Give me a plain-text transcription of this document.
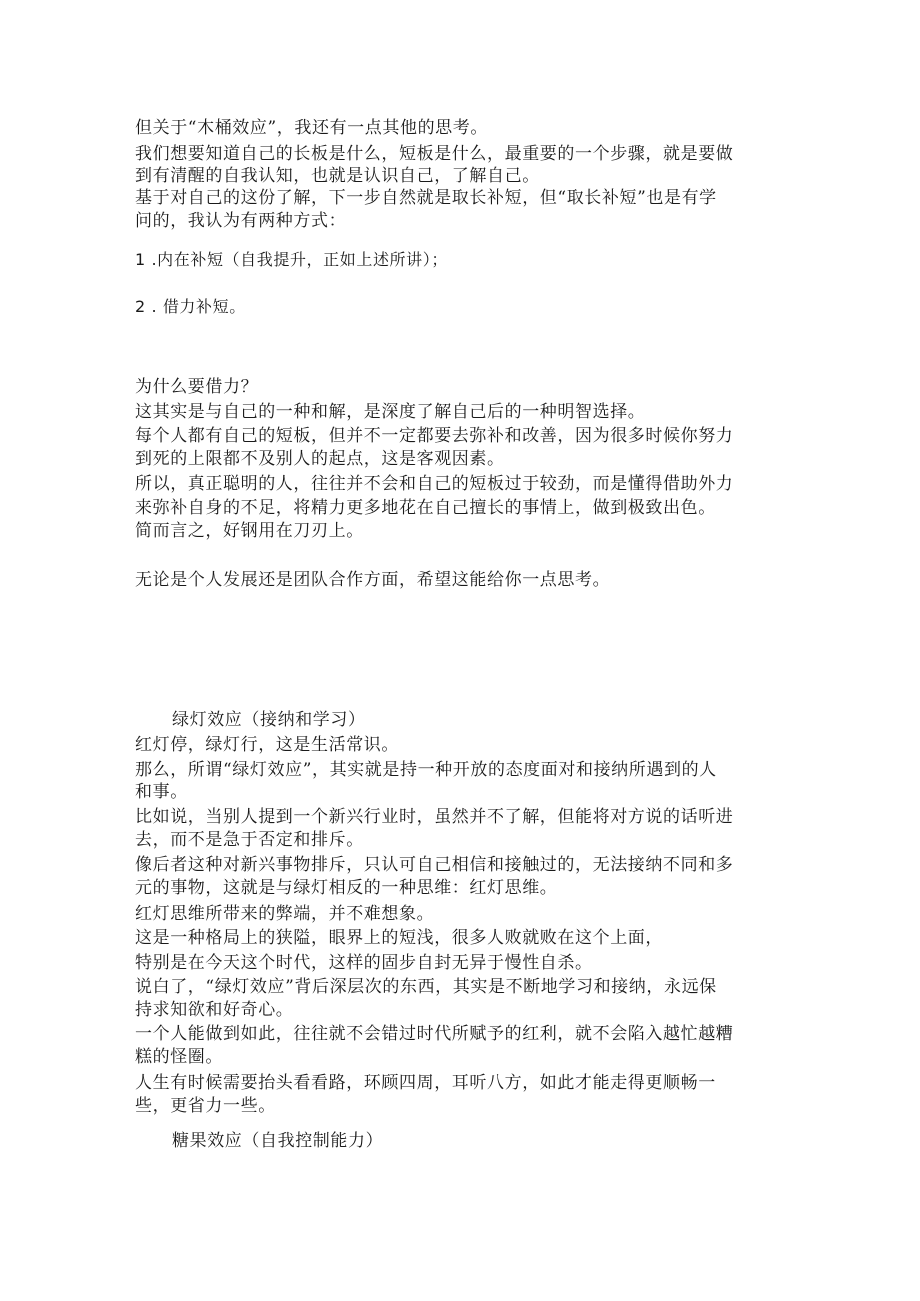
但关于“木桶效应”，我还有一点其他的思考。
我们想要知道自己的长板是什么，短板是什么，最重要的一个步骤，就是要做
到有清醒的自我认知，也就是认识自己，了解自己。
基于对自己的这份了解，下一步自然就是取长补短，但“取长补短”也是有学
问的，我认为有两种方式：
1 .内在补短（自我提升，正如上述所讲）；
2 . 借力补短。
为什么要借力？
这其实是与自己的一种和解，是深度了解自己后的一种明智选择。
每个人都有自己的短板，但并不一定都要去弥补和改善，因为很多时候你努力
到死的上限都不及别人的起点，这是客观因素。
所以，真正聪明的人，往往并不会和自己的短板过于较劲，而是懂得借助外力
来弥补自身的不足，将精力更多地花在自己擅长的事情上，做到极致出色。
简而言之，好钢用在刀刃上。
无论是个人发展还是团队合作方面，希望这能给你一点思考。
绿灯效应（接纳和学习）
红灯停，绿灯行，这是生活常识。
那么，所谓“绿灯效应”，其实就是持一种开放的态度面对和接纳所遇到的人
和事。
比如说，当别人提到一个新兴行业时，虽然并不了解，但能将对方说的话听进
去，而不是急于否定和排斥。
像后者这种对新兴事物排斥，只认可自己相信和接触过的，无法接纳不同和多
元的事物，这就是与绿灯相反的一种思维：红灯思维。
红灯思维所带来的弊端，并不难想象。
这是一种格局上的狭隘，眼界上的短浅，很多人败就败在这个上面，
特别是在今天这个时代，这样的固步自封无异于慢性自杀。
说白了，“绿灯效应”背后深层次的东西，其实是不断地学习和接纳，永远保
持求知欲和好奇心。
一个人能做到如此，往往就不会错过时代所赋予的红利，就不会陷入越忙越糟
糕的怪圈。
人生有时候需要抬头看看路，环顾四周，耳听八方，如此才能走得更顺畅一
些，更省力一些。
糖果效应（自我控制能力）
